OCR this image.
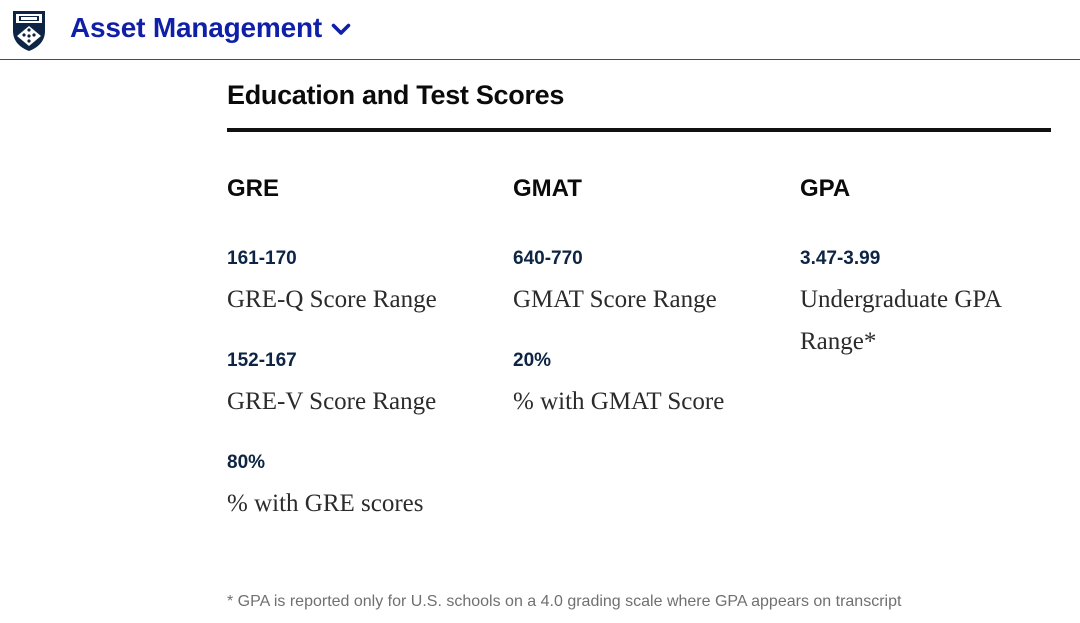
Asset Management
Education and Test Scores
GRE
161-170
GRE-Q Score Range
152-167
GRE-V Score Range
80%
% with GRE scores
GMAT
640-770
GMAT Score Range
20%
% with GMAT Score
GPA
3.47-3.99
Undergraduate GPA Range*
* GPA is reported only for U.S. schools on a 4.0 grading scale where GPA appears on transcript
